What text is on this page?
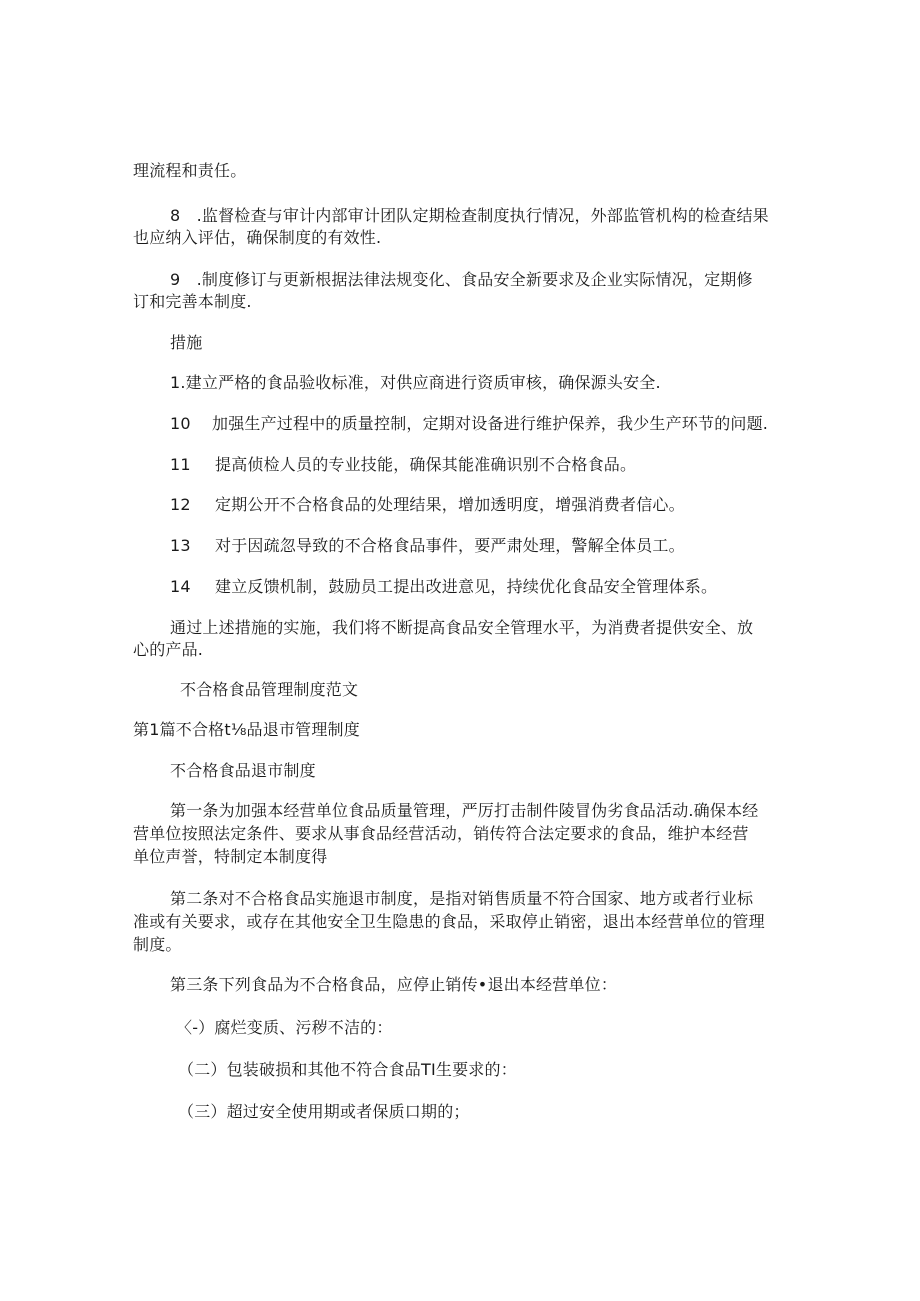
理流程和责任。
8　.监督检查与审计内部审计团队定期检查制度执行情况，外部监管机构的检查结果
也应纳入评估，确保制度的有效性.
9　.制度修订与更新根据法律法规变化、食品安全新要求及企业实际情况，定期修
订和完善本制度.
措施
1.建立严格的食品验收标准，对供应商进行资质审核，确保源头安全.
10 加强生产过程中的质量控制，定期对设备进行维护保养，我少生产环节的问题.
11 提高侦检人员的专业技能，确保其能准确识别不合格食品。
12 定期公开不合格食品的处理结果，增加透明度，增强消费者信心。
13 对于因疏忽导致的不合格食品事件，要严肃处理，警解全体员工。
14 建立反馈机制，鼓励员工提出改进意见，持续优化食品安全管理体系。
通过上述措施的实施，我们将不断提高食品安全管理水平，为消费者提供安全、放
心的产品.
不合格食品管理制度范文
第1篇不合格t⅛品退市管理制度
不合格食品退市制度
第一条为加强本经营单位食品质量管理，严厉打击制件陵冒伪劣食品活动.确保本经
营单位按照法定条件、要求从事食品经营活动，销传符合法定要求的食品，维护本经营
单位声誉，特制定本制度得
第二条对不合格食品实施退市制度，是指对销售质量不符合国家、地方或者行业标
准或有关要求，或存在其他安全卫生隐患的食品，采取停止销密，退出本经营单位的管理
制度。
第三条下列食品为不合格食品，应停止销传•退出本经营单位：
〈-）腐烂变质、污秽不洁的：
（二）包装破损和其他不符合食品TI生要求的：
（三）超过安全使用期或者保质口期的；
